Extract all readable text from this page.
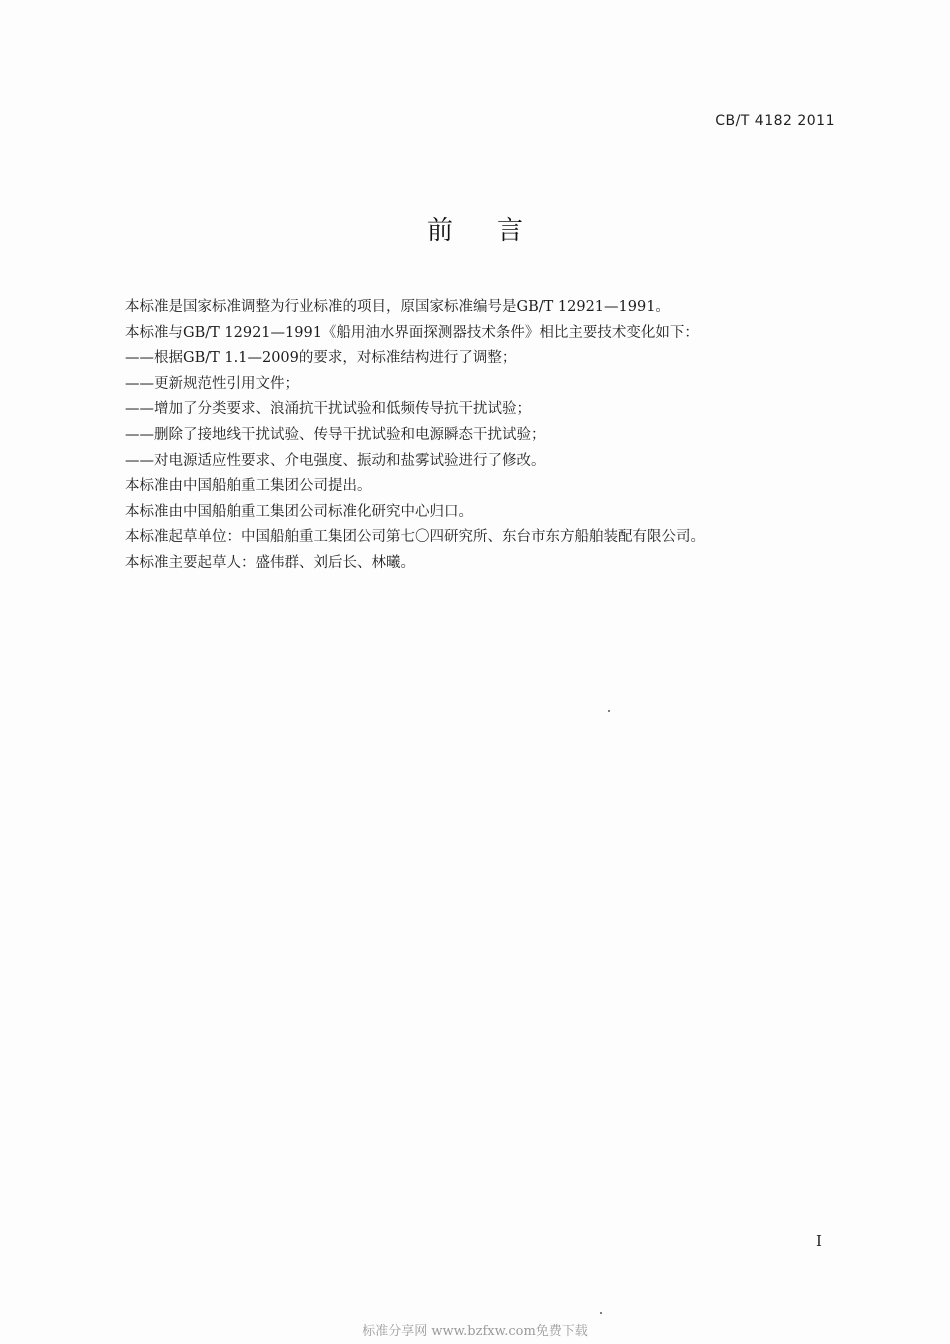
CB/T 4182 2011
前言

本标准是国家标准调整为行业标准的项目，原国家标准编号是GB/T 12921—1991。

本标准与GB/T 12921—1991《船用油水界面探测器技术条件》相比主要技术变化如下：

——根据GB/T 1.1—2009的要求，对标准结构进行了调整；

——更新规范性引用文件；

——增加了分类要求、浪涌抗干扰试验和低频传导抗干扰试验；

——删除了接地线干扰试验、传导干扰试验和电源瞬态干扰试验；

——对电源适应性要求、介电强度、振动和盐雾试验进行了修改。

本标准由中国船舶重工集团公司提出。

本标准由中国船舶重工集团公司标准化研究中心归口。

本标准起草单位：中国船舶重工集团公司第七〇四研究所、东台市东方船舶装配有限公司。

本标准主要起草人：盛伟群、刘后长、林曦。

I
标准分享网 www.bzfxw.com免费下载
